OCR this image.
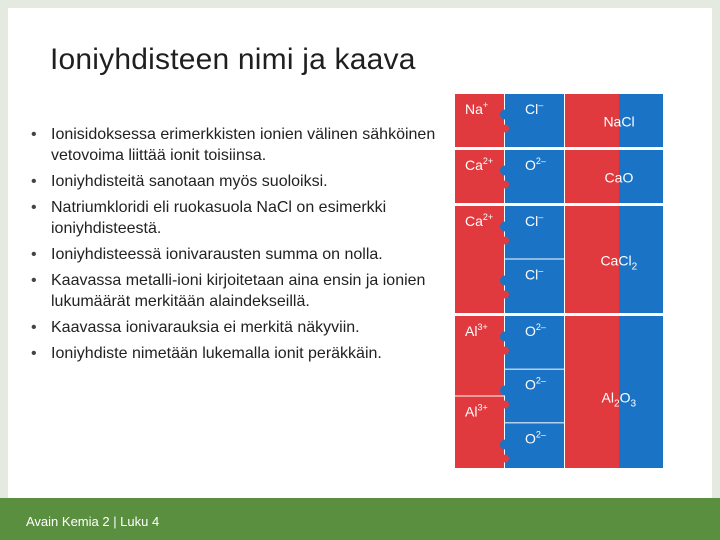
Ioniyhdisteen nimi ja kaava
• Ionisidoksessa erimerkkisten ionien välinen sähköinen vetovoima liittää ionit toisiinsa.
• Ioniyhdisteitä sanotaan myös suoloiksi.
• Natriumkloridi eli ruokasuola NaCl on esimerkki ioniyhdisteestä.
• Ioniyhdisteessä ionivarausten summa on nolla.
• Kaavassa metalli-ioni kirjoitetaan aina ensin ja ionien lukumäärät merkitään alaindekseillä.
• Kaavassa ionivarauksia ei merkitä näkyviin.
• Ioniyhdiste nimetään lukemalla ionit peräkkäin.
Na+	Cl–
NaCl
$Ca^{2+}$ $O^{2-}$
CaO
$Ca^{2+}$ Cl–
Cl–
CaCl$_2$
$Al^{3+}$
$Al^{3+}$
$O^{2-}$
$O^{2-}$
$O^{2-}$
$Al_2O_3$
Avain Kemia 2 | Luku 4
